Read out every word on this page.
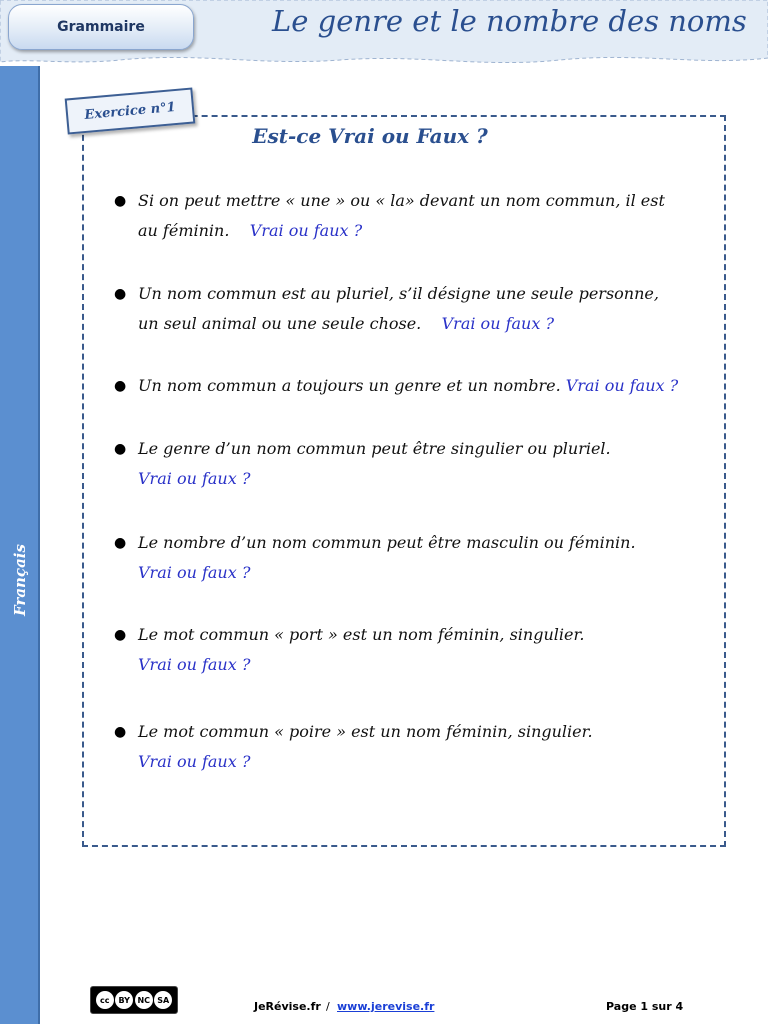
Grammaire	Le genre et le nombre des noms
Français
Exercice n°1
Est-ce Vrai ou Faux ?
● Si on peut mettre « une » ou « la» devant un nom commun, il est au féminin. Vrai ou faux ?
● Un nom commun est au pluriel, s’il désigne une seule personne, un seul animal ou une seule chose. Vrai ou faux ?
● Un nom commun a toujours un genre et un nombre. Vrai ou faux ?
● Le genre d’un nom commun peut être singulier ou pluriel.
Vrai ou faux ?
● Le nombre d’un nom commun peut être masculin ou féminin.
Vrai ou faux ?
● Le mot commun « port » est un nom féminin, singulier.
Vrai ou faux ?
● Le mot commun « poire » est un nom féminin, singulier.
Vrai ou faux ?
cc	BY NC SA	JeRévise.fr / www.jerevise.fr	Page 1 sur 4
